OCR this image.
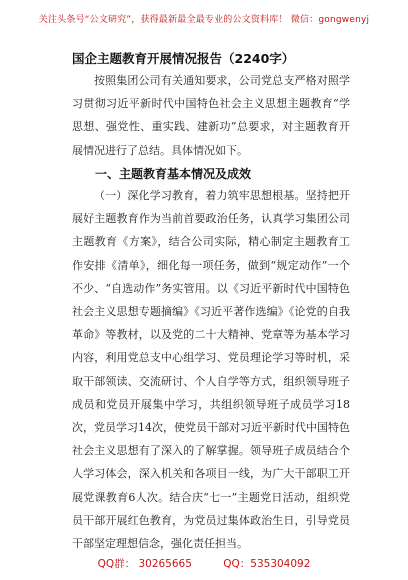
关注头条号“公文研究”，获得最新最全最专业的公文资料库！ 微信：gongwenyj
国企主题教育开展情况报告（2240字）
按照集团公司有关通知要求，公司党总支严格对照学习贯彻习近平新时代中国特色社会主义思想主题教育“学思想、强党性、重实践、建新功”总要求，对主题教育开展情况进行了总结。具体情况如下。
一、主题教育基本情况及成效
（一）深化学习教育，着力筑牢思想根基。坚持把开展好主题教育作为当前首要政治任务，认真学习集团公司主题教育《方案》，结合公司实际，精心制定主题教育工作安排《清单》，细化每一项任务，做到“规定动作”一个不少、“自选动作”务实管用。以《习近平新时代中国特色社会主义思想专题摘编》《习近平著作选编》《论党的自我革命》等教材，以及党的二十大精神、党章等为基本学习内容，利用党总支中心组学习、党员理论学习等时机，采取干部领读、交流研讨、个人自学等方式，组织领导班子成员和党员开展集中学习，共组织领导班子成员学习18次，党员学习14次，使党员干部对习近平新时代中国特色社会主义思想有了深入的了解掌握。领导班子成员结合个人学习体会，深入机关和各项目一线，为广大干部职工开展党课教育6人次。结合庆“七一”主题党日活动，组织党员干部开展红色教育，为党员过集体政治生日，引导党员干部坚定理想信念，强化责任担当。
QQ群： 30265665	QQ：535304092
